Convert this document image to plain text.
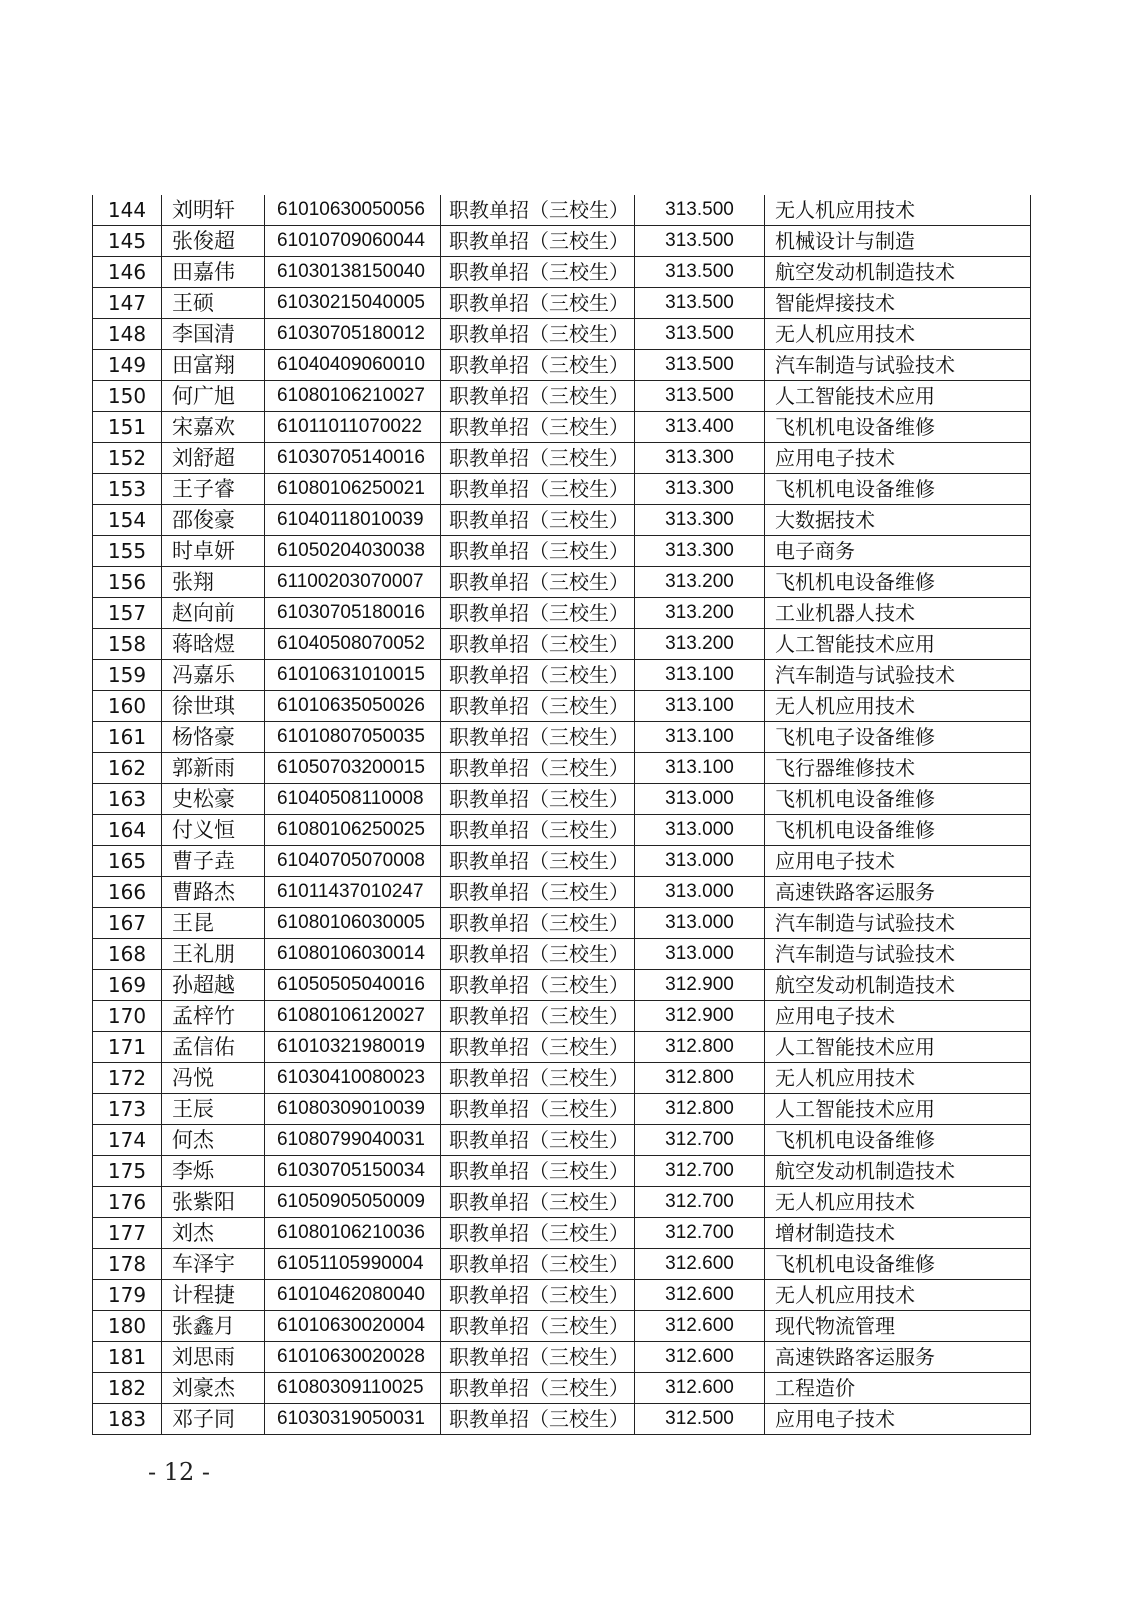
144	刘明轩	61010630050056	职教单招（三校生）	313.500	无人机应用技术
145	张俊超	61010709060044	职教单招（三校生）	313.500	机械设计与制造
146	田嘉伟	61030138150040	职教单招（三校生）	313.500	航空发动机制造技术
147	王硕	61030215040005	职教单招（三校生）	313.500	智能焊接技术
148	李国清	61030705180012	职教单招（三校生）	313.500	无人机应用技术
149	田富翔	61040409060010	职教单招（三校生）	313.500	汽车制造与试验技术
150	何广旭	61080106210027	职教单招（三校生）	313.500	人工智能技术应用
151	宋嘉欢	61011011070022	职教单招（三校生）	313.400	飞机机电设备维修
152	刘舒超	61030705140016	职教单招（三校生）	313.300	应用电子技术
153	王子睿	61080106250021	职教单招（三校生）	313.300	飞机机电设备维修
154	邵俊豪	61040118010039	职教单招（三校生）	313.300	大数据技术
155	时卓妍	61050204030038	职教单招（三校生）	313.300	电子商务
156	张翔	61100203070007	职教单招（三校生）	313.200	飞机机电设备维修
157	赵向前	61030705180016	职教单招（三校生）	313.200	工业机器人技术
158	蒋晗煜	61040508070052	职教单招（三校生）	313.200	人工智能技术应用
159	冯嘉乐	61010631010015	职教单招（三校生）	313.100	汽车制造与试验技术
160	徐世琪	61010635050026	职教单招（三校生）	313.100	无人机应用技术
161	杨恪豪	61010807050035	职教单招（三校生）	313.100	飞机电子设备维修
162	郭新雨	61050703200015	职教单招（三校生）	313.100	飞行器维修技术
163	史松豪	61040508110008	职教单招（三校生）	313.000	飞机机电设备维修
164	付义恒	61080106250025	职教单招（三校生）	313.000	飞机机电设备维修
165	曹子垚	61040705070008	职教单招（三校生）	313.000	应用电子技术
166	曹路杰	61011437010247	职教单招（三校生）	313.000	高速铁路客运服务
167	王昆	61080106030005	职教单招（三校生）	313.000	汽车制造与试验技术
168	王礼朋	61080106030014	职教单招（三校生）	313.000	汽车制造与试验技术
169	孙超越	61050505040016	职教单招（三校生）	312.900	航空发动机制造技术
170	孟梓竹	61080106120027	职教单招（三校生）	312.900	应用电子技术
171	孟信佑	61010321980019	职教单招（三校生）	312.800	人工智能技术应用
172	冯悦	61030410080023	职教单招（三校生）	312.800	无人机应用技术
173	王辰	61080309010039	职教单招（三校生）	312.800	人工智能技术应用
174	何杰	61080799040031	职教单招（三校生）	312.700	飞机机电设备维修
175	李烁	61030705150034	职教单招（三校生）	312.700	航空发动机制造技术
176	张紫阳	61050905050009	职教单招（三校生）	312.700	无人机应用技术
177	刘杰	61080106210036	职教单招（三校生）	312.700	增材制造技术
178	车泽宇	61051105990004	职教单招（三校生）	312.600	飞机机电设备维修
179	计程捷	61010462080040	职教单招（三校生）	312.600	无人机应用技术
180	张鑫月	61010630020004	职教单招（三校生）	312.600	现代物流管理
181	刘思雨	61010630020028	职教单招（三校生）	312.600	高速铁路客运服务
182	刘豪杰	61080309110025	职教单招（三校生）	312.600	工程造价
183	邓子同	61030319050031	职教单招（三校生）	312.500	应用电子技术
- 12 -
